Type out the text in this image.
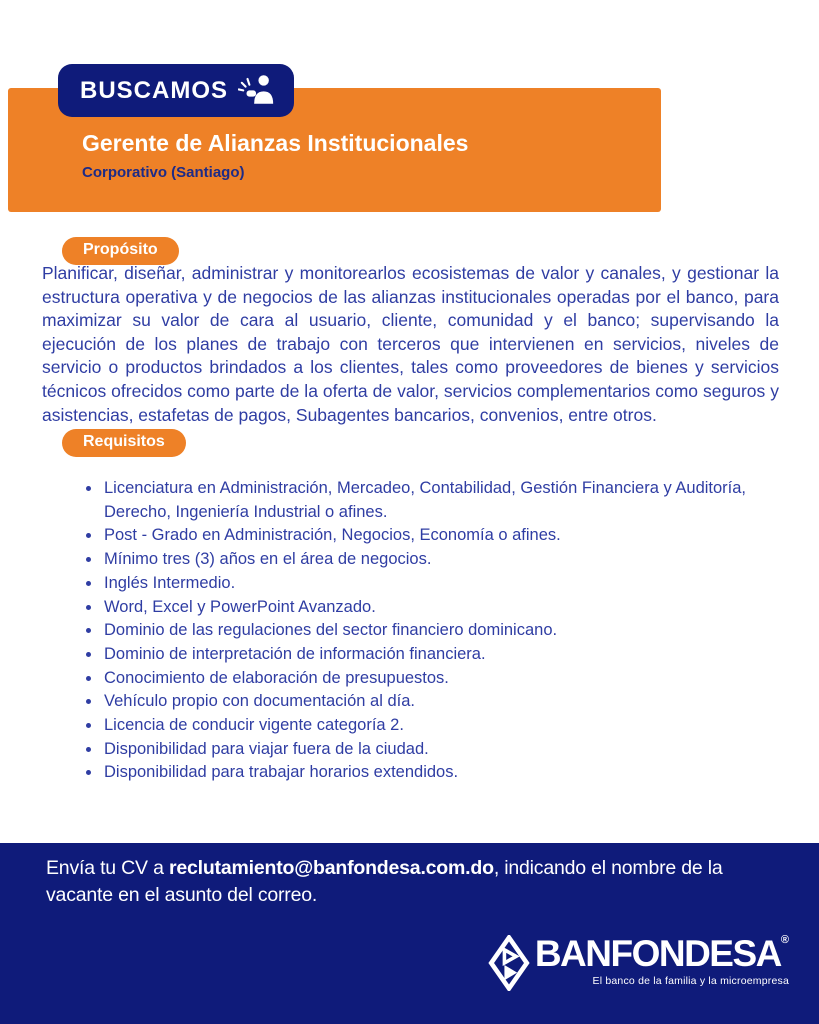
BUSCAMOS
Gerente de Alianzas Institucionales
Corporativo (Santiago)
Propósito
Planificar, diseñar, administrar y monitorearlos ecosistemas de valor y canales, y gestionar la estructura operativa y de negocios de las alianzas institucionales operadas por el banco, para maximizar su valor de cara al usuario, cliente, comunidad y el banco; supervisando la ejecución de los planes de trabajo con terceros que intervienen en servicios, niveles de servicio o productos brindados a los clientes, tales como proveedores de bienes y servicios técnicos ofrecidos como parte de la oferta de valor, servicios complementarios como seguros y asistencias, estafetas de pagos, Subagentes bancarios, convenios, entre otros.
Requisitos
• Licenciatura en Administración, Mercadeo, Contabilidad, Gestión Financiera y Auditoría, Derecho, Ingeniería Industrial o afines.
• Post - Grado en Administración, Negocios, Economía o afines.
• Mínimo tres (3) años en el área de negocios.
• Inglés Intermedio.
• Word, Excel y PowerPoint Avanzado.
• Dominio de las regulaciones del sector financiero dominicano.
• Dominio de interpretación de información financiera.
• Conocimiento de elaboración de presupuestos.
• Vehículo propio con documentación al día.
• Licencia de conducir vigente categoría 2.
• Disponibilidad para viajar fuera de la ciudad.
• Disponibilidad para trabajar horarios extendidos.
Envía tu CV a reclutamiento@banfondesa.com.do, indicando el nombre de la vacante en el asunto del correo.
BANFONDESA®
El banco de la familia y la microempresa
